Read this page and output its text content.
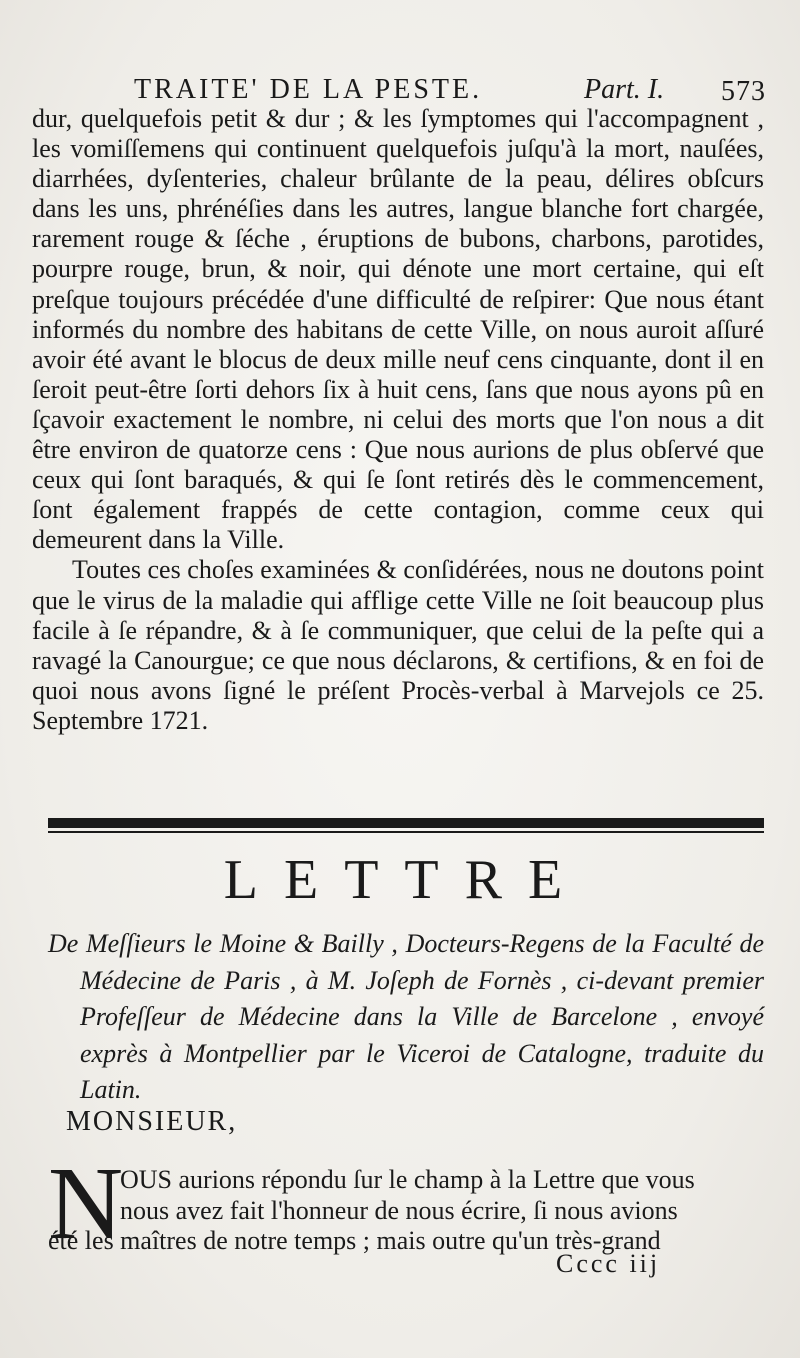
TRAITE' DE LA PESTE.	Part. I. 573

dur, quelquefois petit & dur ; & les ſymptomes qui l'accompagnent , les vomiſſemens qui continuent quelquefois juſqu'à la mort, nauſées, diarrhées, dyſenteries, chaleur brûlante de la peau, délires obſcurs dans les uns, phrénéſies dans les autres, langue blanche fort chargée, rarement rouge & ſéche , éruptions de bubons, charbons, parotides, pourpre rouge, brun, & noir, qui dénote une mort certaine, qui eſt preſque toujours précédée d'une difficulté de reſpirer: Que nous étant informés du nombre des habitans de cette Ville, on nous auroit aſſuré avoir été avant le blocus de deux mille neuf cens cinquante, dont il en ſeroit peut-être ſorti dehors ſix à huit cens, ſans que nous ayons pû en ſçavoir exactement le nombre, ni celui des morts que l'on nous a dit être environ de quatorze cens : Que nous aurions de plus obſervé que ceux qui ſont baraqués, & qui ſe ſont retirés dès le commencement, ſont également frappés de cette contagion, comme ceux qui demeurent dans la Ville.

Toutes ces choſes examinées & conſidérées, nous ne doutons point que le virus de la maladie qui afflige cette Ville ne ſoit beaucoup plus facile à ſe répandre, & à ſe communiquer, que celui de la peſte qui a ravagé la Canourgue; ce que nous déclarons, & certifions, & en foi de quoi nous avons ſigné le préſent Procès-verbal à Marvejols ce 25. Septembre 1721.

LETTRE

De Meſſieurs le Moine & Bailly , Docteurs-Regens de la Faculté de Médecine de Paris , à M. Joſeph de Fornès , ci-devant premier Profeſſeur de Médecine dans la Ville de Barcelone , envoyé exprès à Montpellier par le Viceroi de Catalogne, traduite du Latin.

MONSIEUR,
N
OUS aurions répondu ſur le champ à la Lettre que vous
nous avez fait l'honneur de nous écrire, ſi nous avions
été les maîtres de notre temps ; mais outre qu'un très-grand
Cccc iij
